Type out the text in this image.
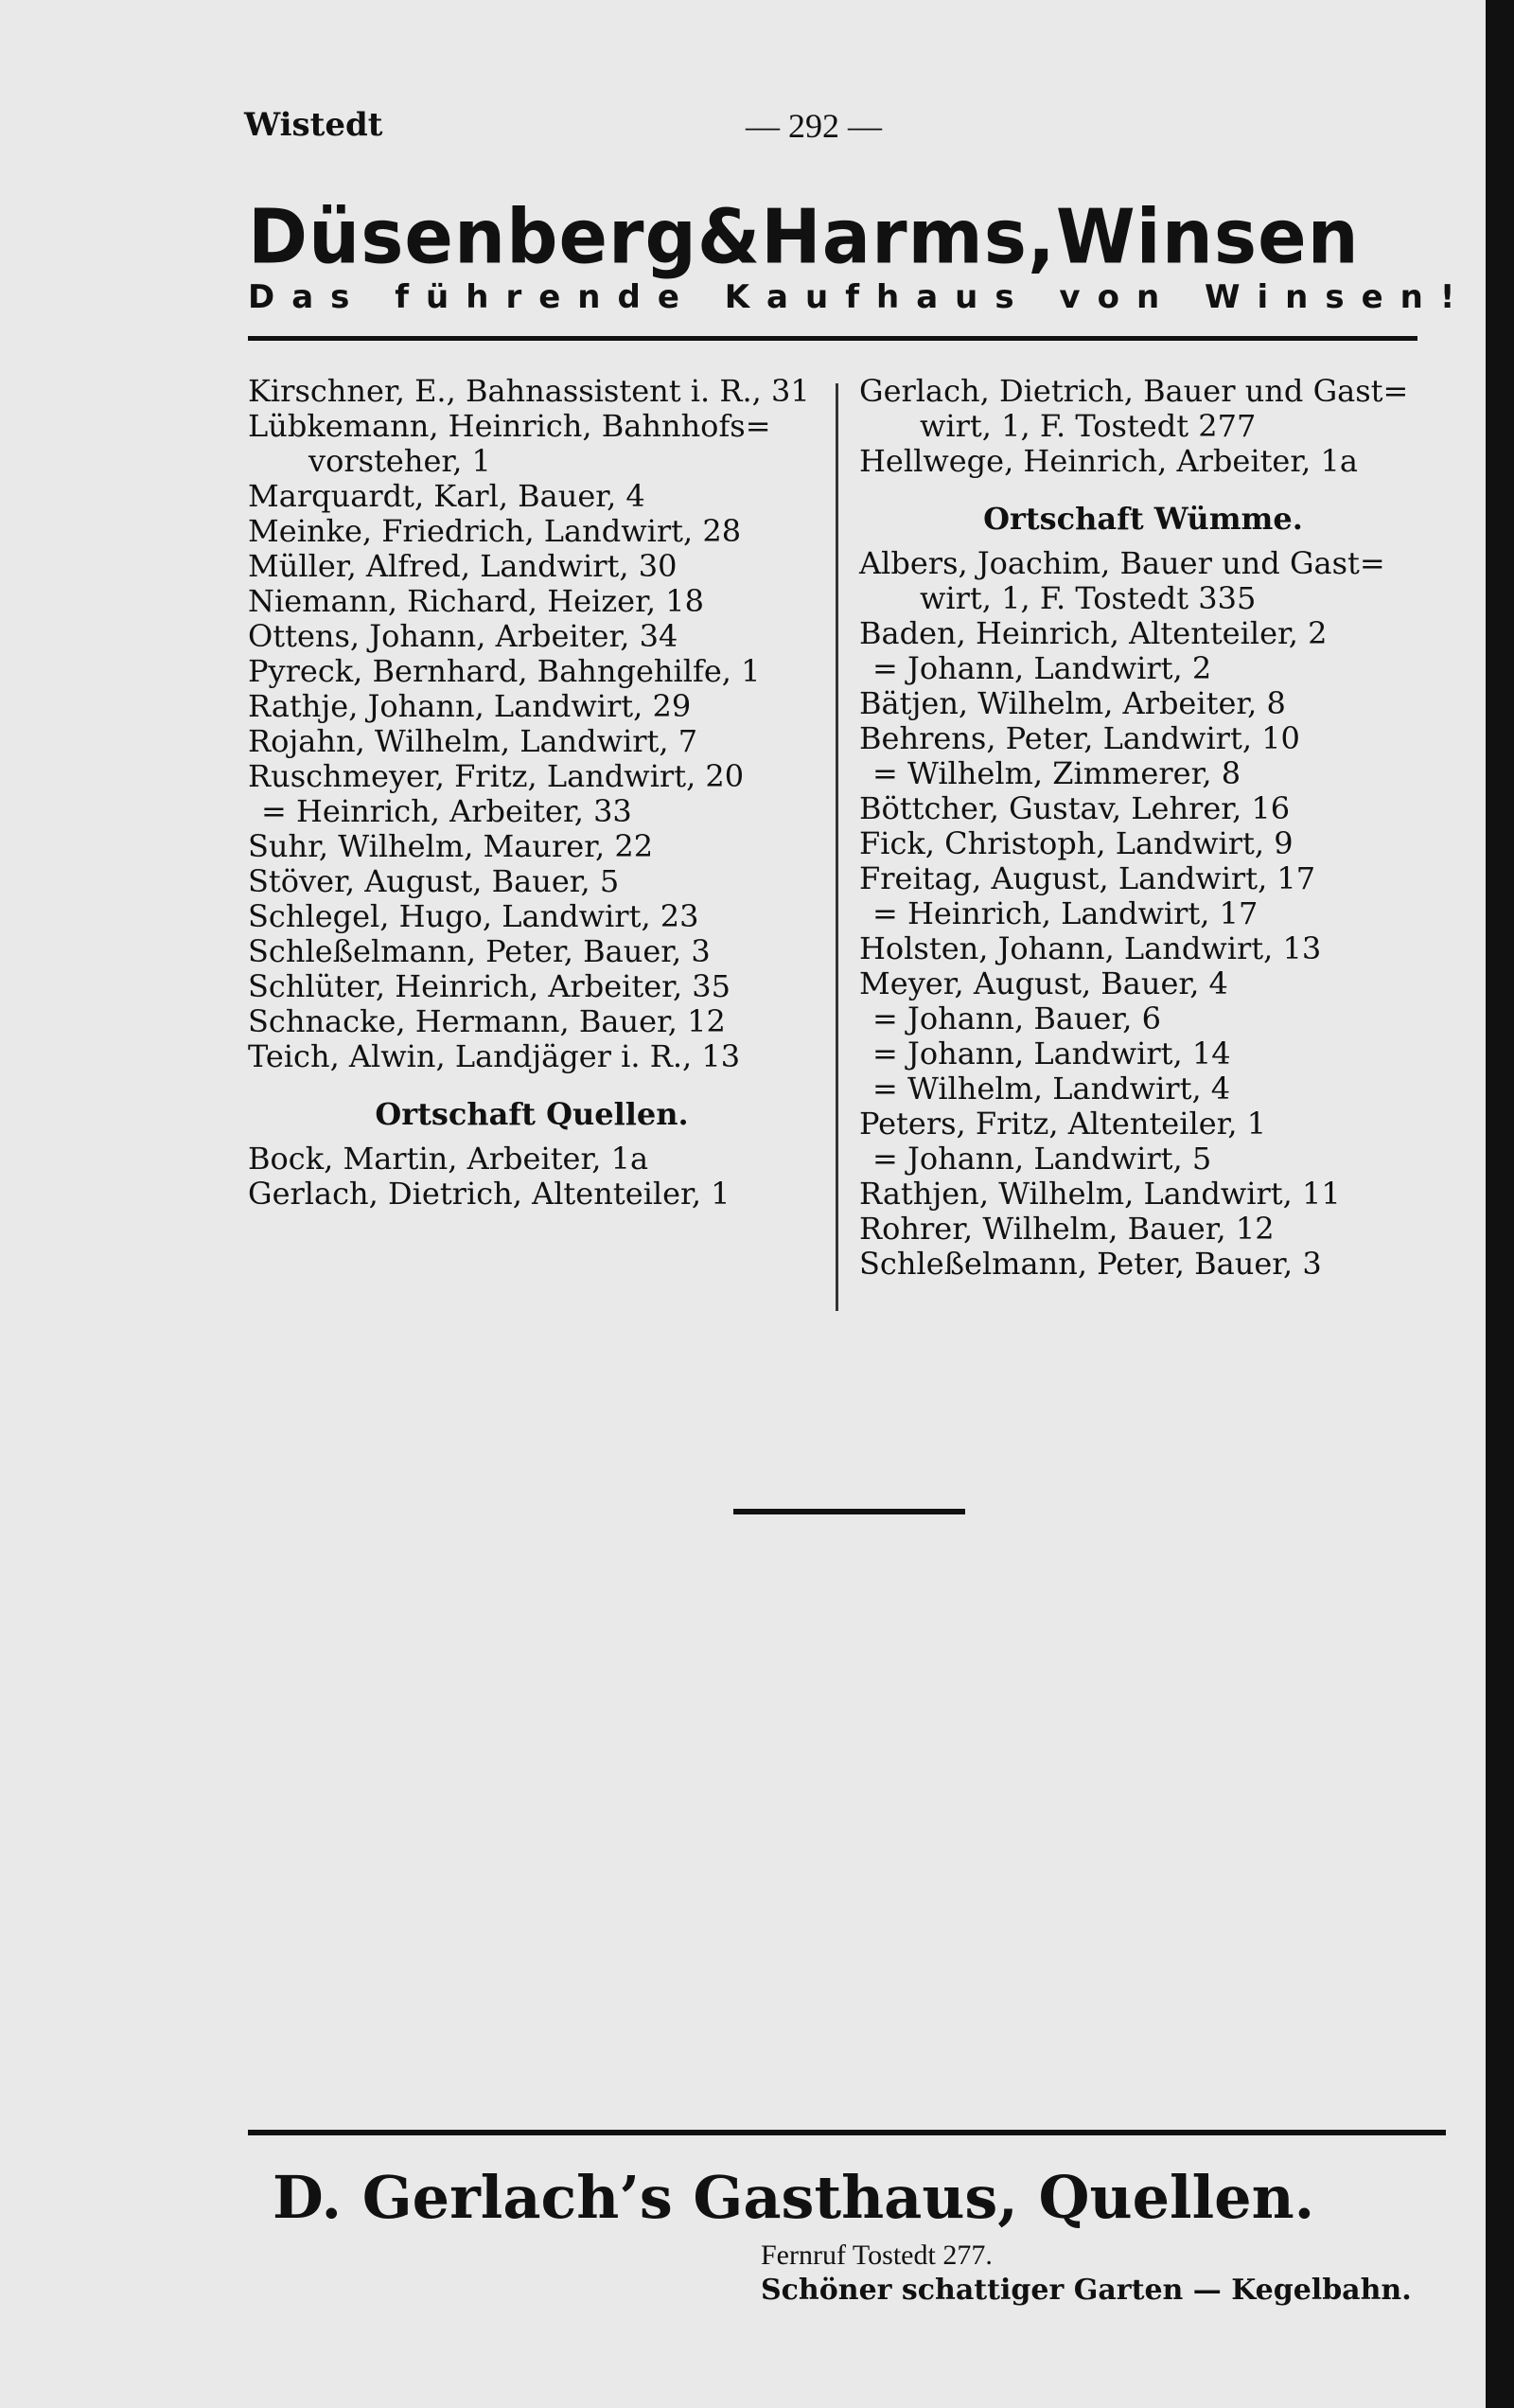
Wistedt	— 292 —
Düsenberg&Harms,Winsen
Das führende Kaufhaus von Winsen!
Kirschner, E., Bahnassistent i. R., 31
Lübkemann, Heinrich, Bahnhofs=
vorsteher, 1
Marquardt, Karl, Bauer, 4
Meinke, Friedrich, Landwirt, 28
Müller, Alfred, Landwirt, 30
Niemann, Richard, Heizer, 18
Ottens, Johann, Arbeiter, 34
Pyreck, Bernhard, Bahngehilfe, 1
Rathje, Johann, Landwirt, 29
Rojahn, Wilhelm, Landwirt, 7
Ruschmeyer, Fritz, Landwirt, 20
= Heinrich, Arbeiter, 33
Suhr, Wilhelm, Maurer, 22
Stöver, August, Bauer, 5
Schlegel, Hugo, Landwirt, 23
Schleßelmann, Peter, Bauer, 3
Schlüter, Heinrich, Arbeiter, 35
Schnacke, Hermann, Bauer, 12
Teich, Alwin, Landjäger i. R., 13
Ortschaft Quellen.
Bock, Martin, Arbeiter, 1a
Gerlach, Dietrich, Altenteiler, 1
Gerlach, Dietrich, Bauer und Gast=
wirt, 1, F. Tostedt 277
Hellwege, Heinrich, Arbeiter, 1a
Ortschaft Wümme.
Albers, Joachim, Bauer und Gast=
wirt, 1, F. Tostedt 335
Baden, Heinrich, Altenteiler, 2
= Johann, Landwirt, 2
Bätjen, Wilhelm, Arbeiter, 8
Behrens, Peter, Landwirt, 10
= Wilhelm, Zimmerer, 8
Böttcher, Gustav, Lehrer, 16
Fick, Christoph, Landwirt, 9
Freitag, August, Landwirt, 17
= Heinrich, Landwirt, 17
Holsten, Johann, Landwirt, 13
Meyer, August, Bauer, 4
= Johann, Bauer, 6
= Johann, Landwirt, 14
= Wilhelm, Landwirt, 4
Peters, Fritz, Altenteiler, 1
= Johann, Landwirt, 5
Rathjen, Wilhelm, Landwirt, 11
Rohrer, Wilhelm, Bauer, 12
Schleßelmann, Peter, Bauer, 3
D. Gerlach’s Gasthaus, Quellen.
Fernruf Tostedt 277.
Schöner schattiger Garten — Kegelbahn.
